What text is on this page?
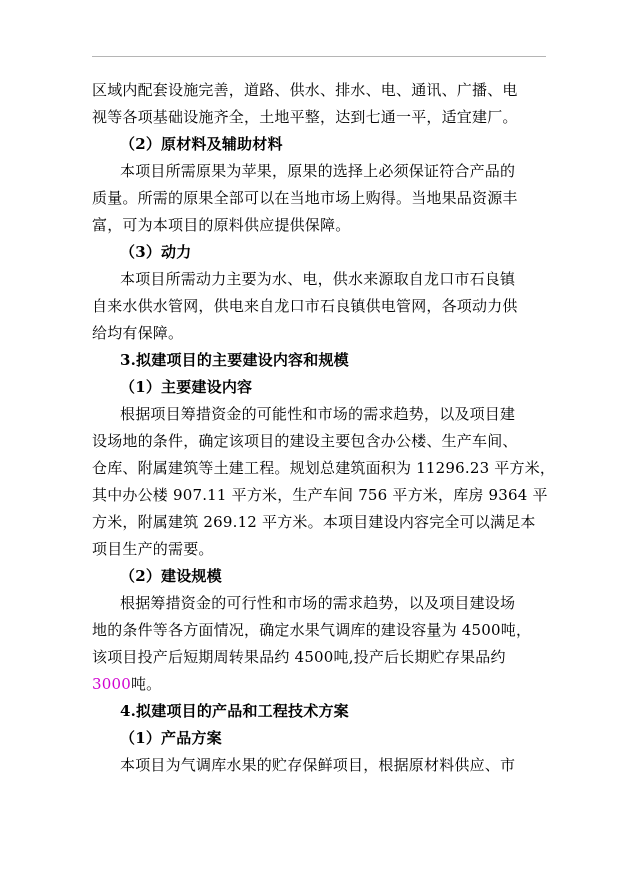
区域内配套设施完善，道路、供水、排水、电、通讯、广播、电
视等各项基础设施齐全，土地平整，达到七通一平，适宜建厂。
（2）原材料及辅助材料
本项目所需原果为苹果，原果的选择上必须保证符合产品的
质量。所需的原果全部可以在当地市场上购得。当地果品资源丰
富，可为本项目的原料供应提供保障。
（3）动力
本项目所需动力主要为水、电，供水来源取自龙口市石良镇
自来水供水管网，供电来自龙口市石良镇供电管网，各项动力供
给均有保障。
3.拟建项目的主要建设内容和规模
（1）主要建设内容
根据项目筹措资金的可能性和市场的需求趋势，以及项目建
设场地的条件，确定该项目的建设主要包含办公楼、生产车间、
仓库、附属建筑等土建工程。规划总建筑面积为 11296.23 平方米，
其中办公楼 907.11 平方米，生产车间 756 平方米，库房 9364 平
方米，附属建筑 269.12 平方米。本项目建设内容完全可以满足本
项目生产的需要。
（2）建设规模
根据筹措资金的可行性和市场的需求趋势，以及项目建设场
地的条件等各方面情况，确定水果气调库的建设容量为 4500吨，
该项目投产后短期周转果品约 4500吨,投产后长期贮存果品约
3000吨。
4.拟建项目的产品和工程技术方案
（1）产品方案
本项目为气调库水果的贮存保鲜项目，根据原材料供应、市
